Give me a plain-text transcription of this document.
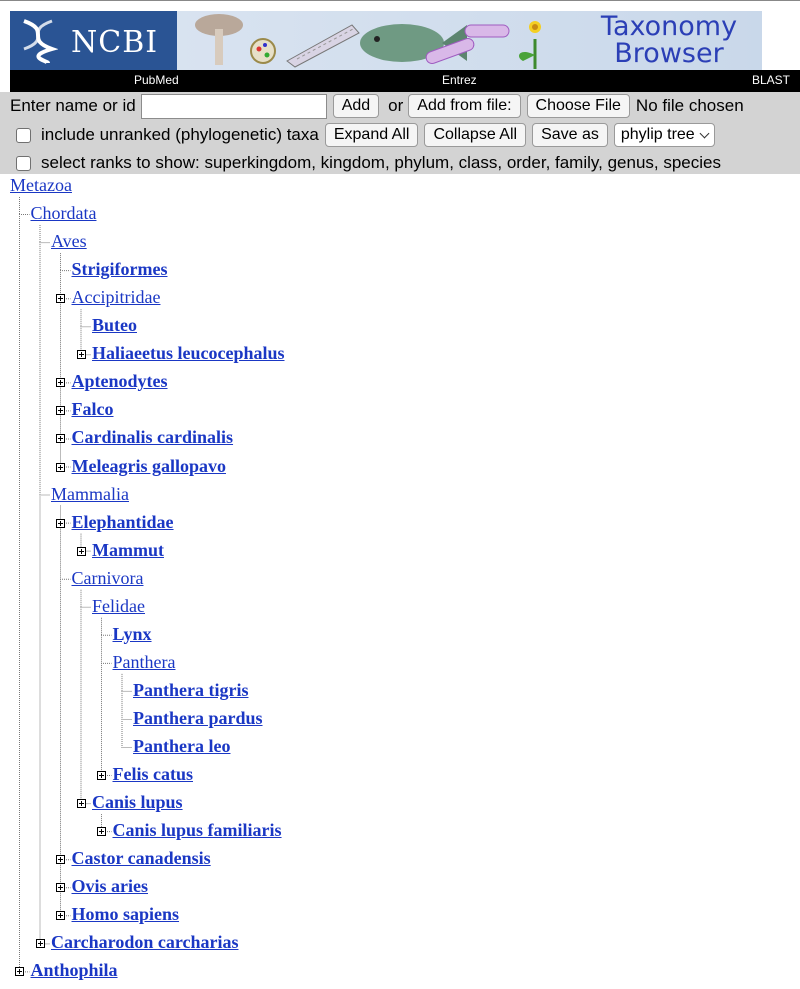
NCBI	Taxonomy
Browser
PubMed	Entrez	BLAST
Enter name or id	Add	or Add from file:	Choose File No file chosen
include unranked (phylogenetic) taxa Expand All	Collapse All	Save as	phylip tree
select ranks to show: superkingdom, kingdom, phylum, class, order, family, genus, species
Metazoa
Chordata
Aves
Strigiformes
Accipitridae
Buteo
Haliaeetus leucocephalus
Aptenodytes
Falco
Cardinalis cardinalis
Meleagris gallopavo
Mammalia
Elephantidae
Mammut
Carnivora
Felidae
Lynx
Panthera
Panthera tigris
Panthera pardus
Panthera leo
Felis catus
Canis lupus
Canis lupus familiaris
Castor canadensis
Ovis aries
Homo sapiens
Carcharodon carcharias
Anthophila
